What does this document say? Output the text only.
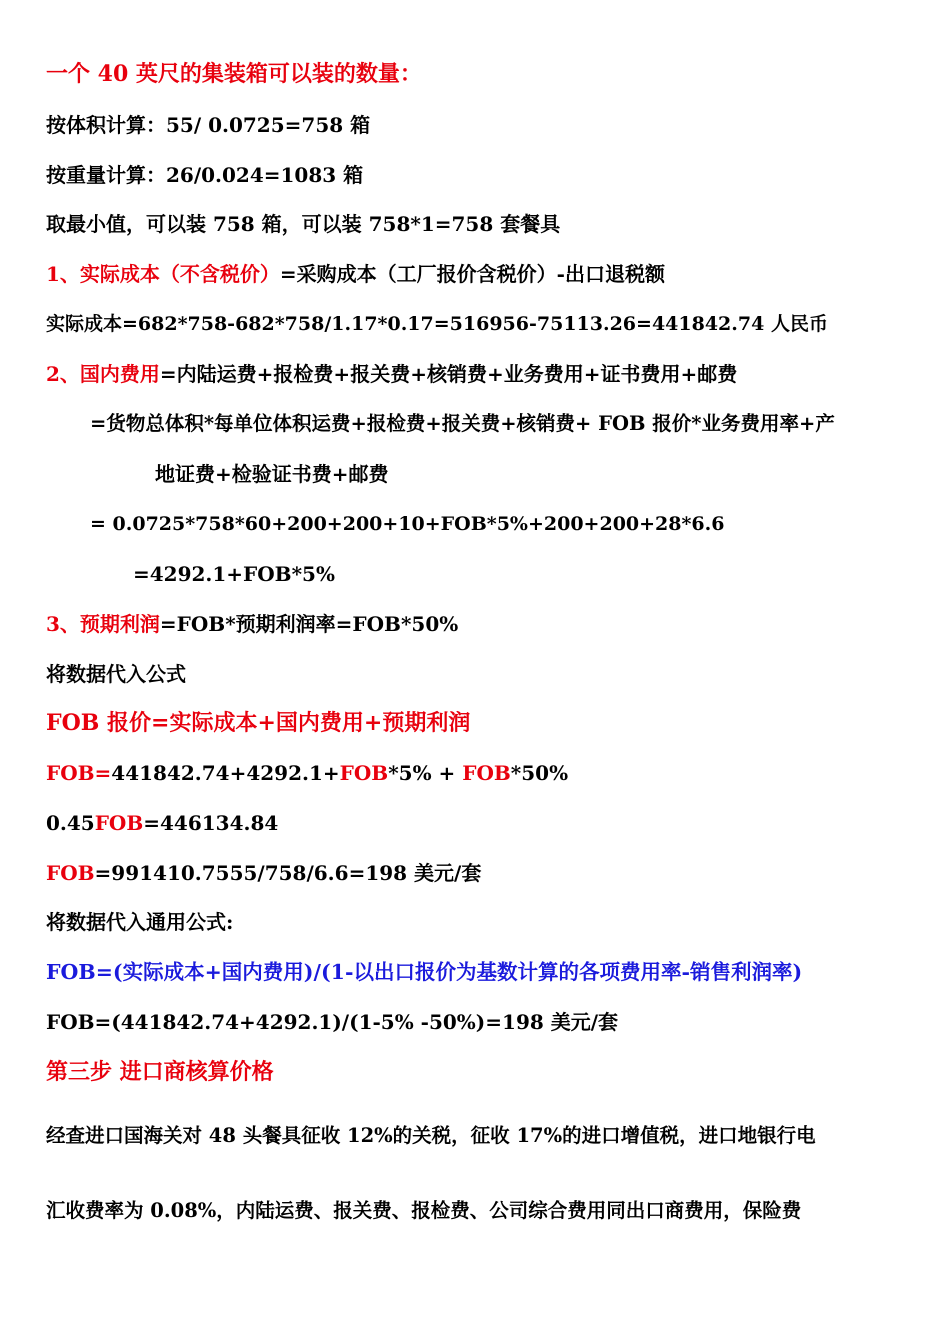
一个 40 英尺的集装箱可以装的数量：
按体积计算：55/ 0.0725=758 箱
按重量计算：26/0.024=1083 箱
取最小值，可以装 758 箱，可以装 758*1=758 套餐具
1、实际成本（不含税价）=采购成本（工厂报价含税价）-出口退税额
实际成本=682*758-682*758/1.17*0.17=516956-75113.26=441842.74 人民币
2、国内费用=内陆运费+报检费+报关费+核销费+业务费用+证书费用+邮费
=货物总体积*每单位体积运费+报检费+报关费+核销费+ FOB 报价*业务费用率+产
地证费+检验证书费+邮费
= 0.0725*758*60+200+200+10+FOB*5%+200+200+28*6.6
=4292.1+FOB*5%
3、预期利润=FOB*预期利润率=FOB*50%
将数据代入公式
FOB 报价=实际成本+国内费用+预期利润
FOB=441842.74+4292.1+FOB*5% + FOB*50%
0.45FOB=446134.84
FOB=991410.7555/758/6.6=198 美元/套
将数据代入通用公式:
FOB=(实际成本+国内费用)/(1-以出口报价为基数计算的各项费用率-销售利润率)
FOB=(441842.74+4292.1)/(1-5% -50%)=198 美元/套
第三步 进口商核算价格
经查进口国海关对 48 头餐具征收 12%的关税，征收 17%的进口增值税，进口地银行电
汇收费率为 0.08%，内陆运费、报关费、报检费、公司综合费用同出口商费用，保险费
